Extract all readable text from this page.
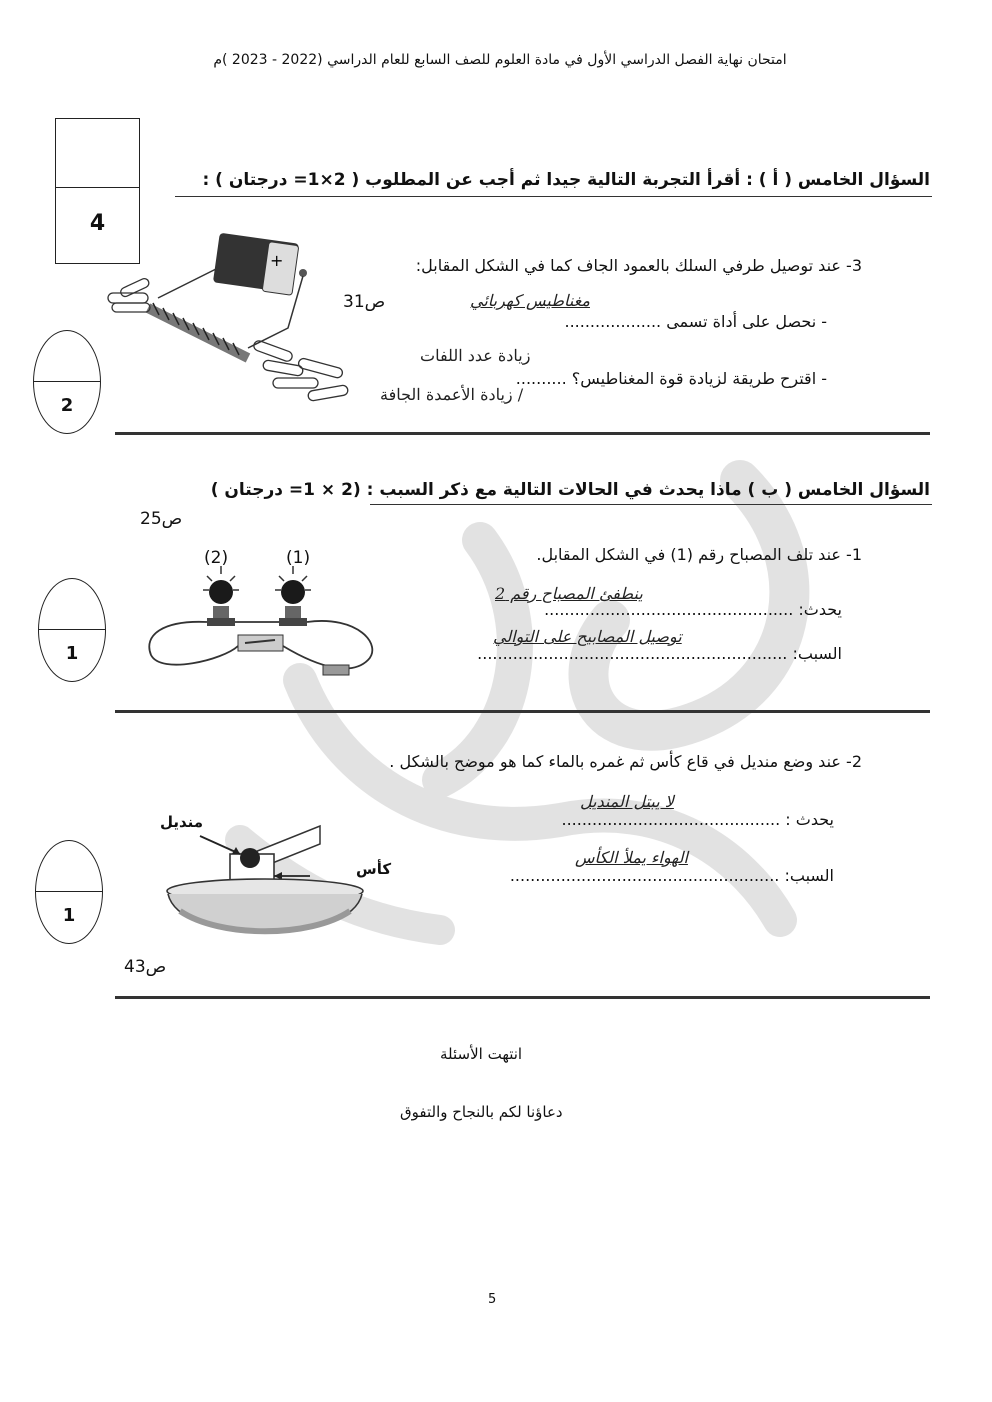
امتحان نهاية الفصل الدراسي الأول في مادة العلوم للصف السابع للعام الدراسي (2022 - 2023 )م
4
السؤال الخامس ( أ ) : أقرأ التجربة التالية جيدا ثم أجب عن المطلوب ( 2×1= درجتان ) :
+	3- عند توصيل طرفي السلك بالعمود الجاف كما في الشكل المقابل:
ص31	مغناطيس كهربائي
- نحصل على أداة تسمى ...................
زيادة عدد اللفات
- اقترح طريقة لزيادة قوة المغناطيس؟ ..........
/ زيادة الأعمدة الجافة
2
السؤال الخامس ( ب ) ماذا يحدث في الحالات التالية مع ذكر السبب : (2 × 1= درجتان )
ص25
(2)	(1)	1- عند تلف المصباح رقم (1) في الشكل المقابل.
ينطفئ المصباح رقم 2
يحدث: .................................................
توصيل المصابيح على التوالي
السبب: .............................................................
1
2- عند وضع منديل في قاع كأس ثم غمره بالماء كما هو موضح بالشكل .
لا يبتل المنديل
يحدث : ...........................................
الهواء يملأ الكأس
السبب: .....................................................
منديل
كأس
ص43
1
انتهت الأسئلة
دعاؤنا لكم بالنجاح والتفوق
5
